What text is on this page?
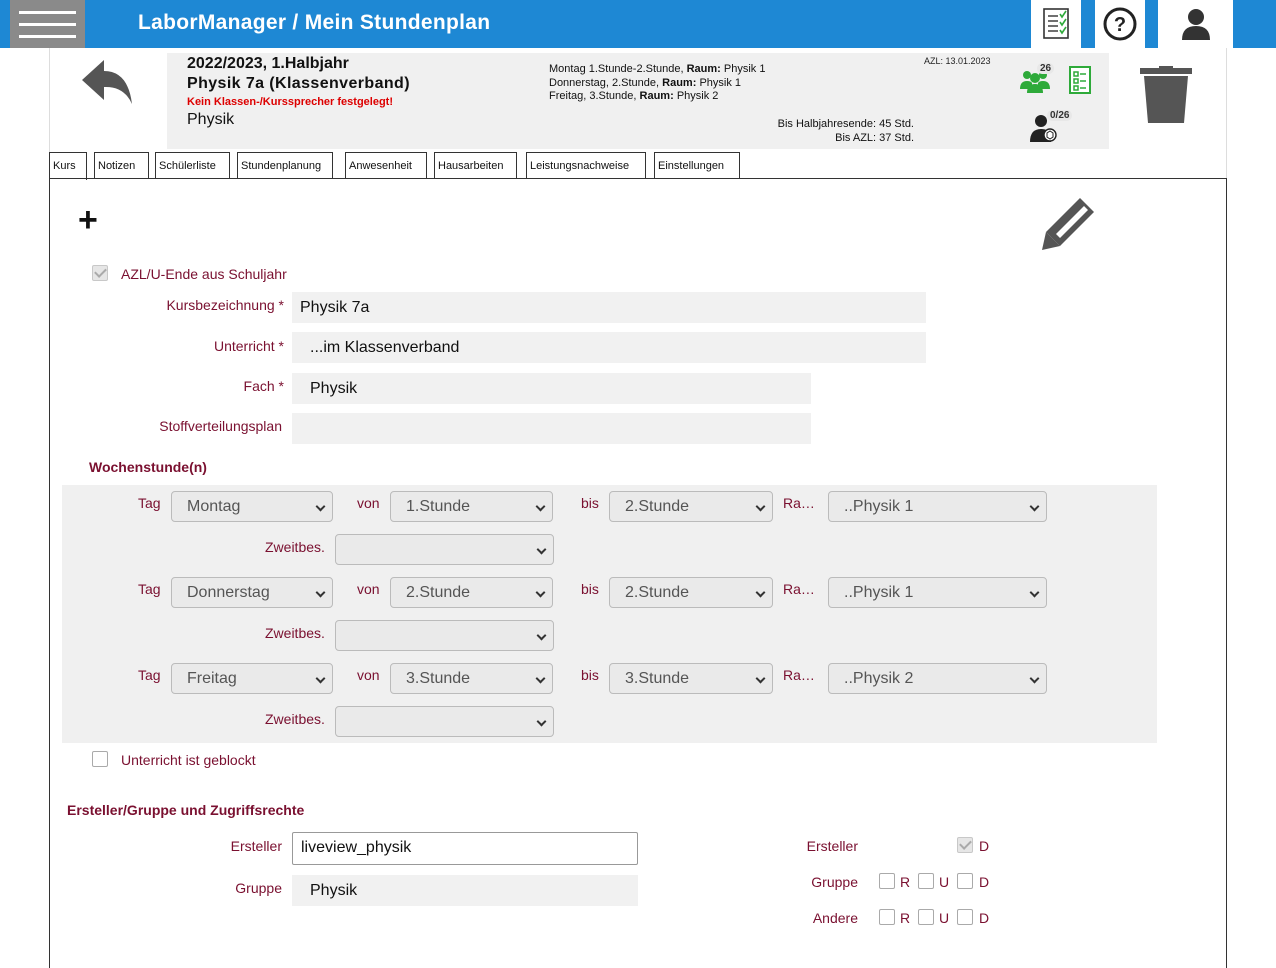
LaborManager / Mein Stundenplan	?
2022/2023, 1.Halbjahr
Physik 7a (Klassenverband)
Kein Klassen-/Kurssprecher festgelegt!
Physik
Montag 1.Stunde-2.Stunde, Raum: Physik 1
Donnerstag, 2.Stunde, Raum: Physik 1
Freitag, 3.Stunde, Raum: Physik 2
AZL: 13.01.2023
26
0/26
Bis Halbjahresende: 45 Std.
Bis AZL: 37 Std.
Kurs	Notizen	Schülerliste	Stundenplanung	Anwesenheit	Hausarbeiten	Leistungsnachweise	Einstellungen
+
AZL/U-Ende aus Schuljahr
Kursbezeichnung *	Physik 7a
Unterricht *	...im Klassenverband
Fach *	Physik
Stoffverteilungsplan
Wochenstunde(n)
Tag	Montag	von	1.Stunde	bis	2.Stunde	Ra…	..Physik 1
Zweitbes.
Tag	Donnerstag	von	2.Stunde	bis	2.Stunde	Ra…	..Physik 1
Zweitbes.
Tag	Freitag	von	3.Stunde	bis	3.Stunde	Ra…	..Physik 2
Zweitbes.
Unterricht ist geblockt
Ersteller/Gruppe und Zugriffsrechte
Ersteller	liveview_physik
Gruppe	Physik
Ersteller	D
Gruppe	R U D
Andere	R U D
